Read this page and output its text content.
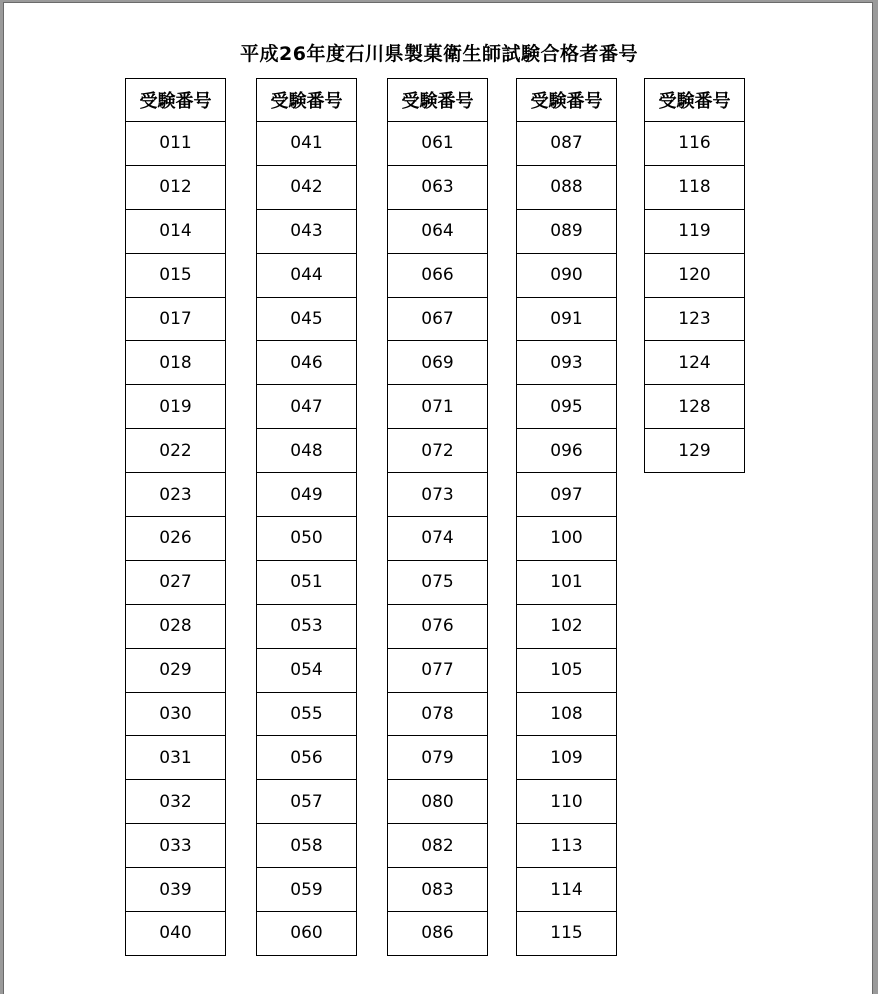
平成26年度石川県製菓衛生師試験合格者番号
受験番号
011
012
014
015
017
018
019
022
023
026
027
028
029
030
031
032
033
039
040
受験番号
041
042
043
044
045
046
047
048
049
050
051
053
054
055
056
057
058
059
060
受験番号
061
063
064
066
067
069
071
072
073
074
075
076
077
078
079
080
082
083
086
受験番号
087
088
089
090
091
093
095
096
097
100
101
102
105
108
109
110
113
114
115
受験番号
116
118
119
120
123
124
128
129
